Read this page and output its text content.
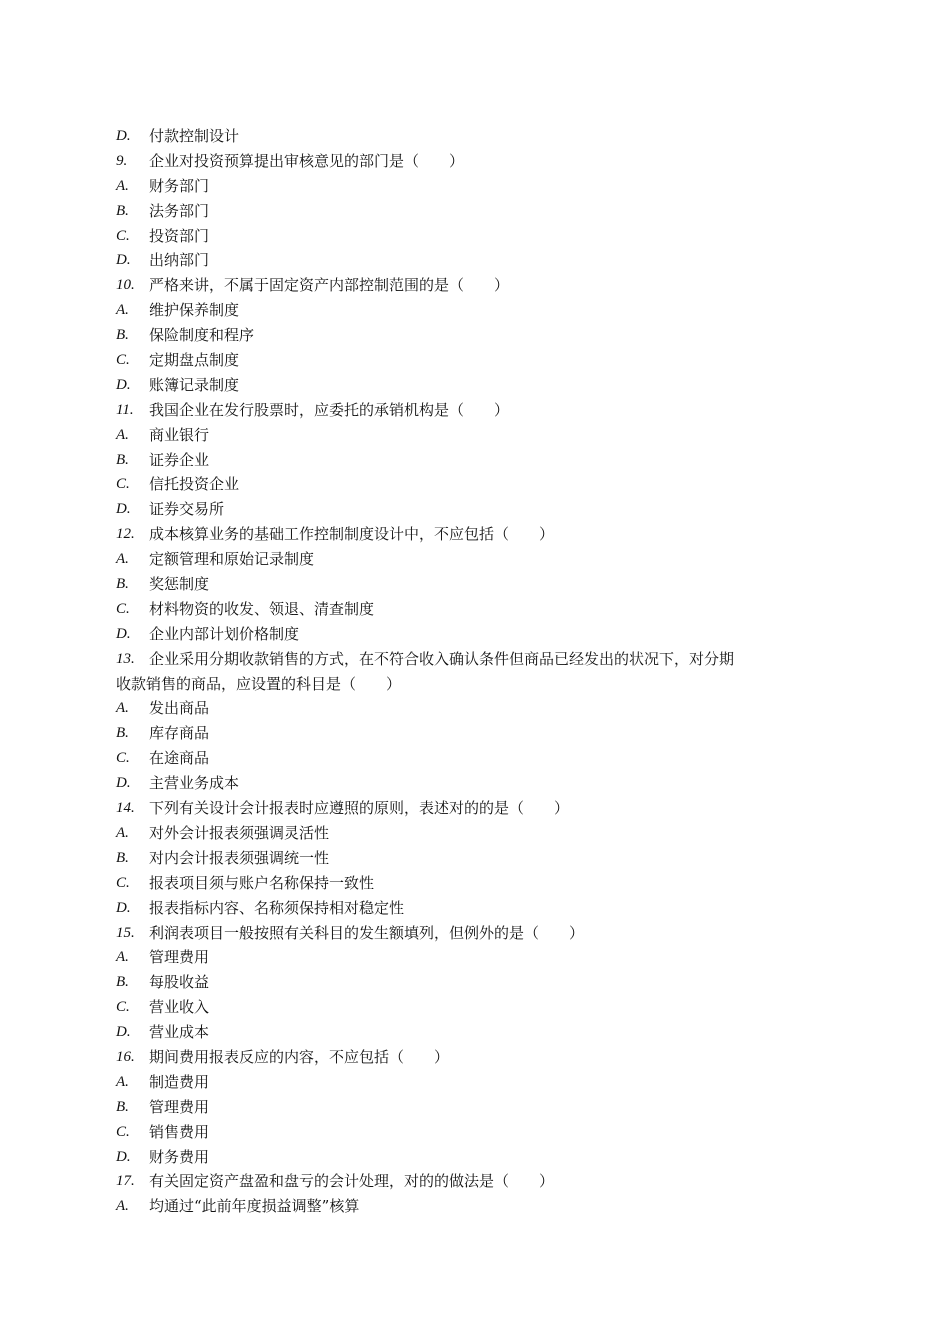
D.	付款控制设计
9.	企业对投资预算提出审核意见的部门是（　　）
A.	财务部门
B.	法务部门
C.	投资部门
D.	出纳部门
10. 严格来讲，不属于固定资产内部控制范围的是（　　）
A.	维护保养制度
B.	保险制度和程序
C.	定期盘点制度
D.	账簿记录制度
11.	我国企业在发行股票时，应委托的承销机构是（　　）
A.	商业银行
B.	证券企业
C.	信托投资企业
D.	证券交易所
12. 成本核算业务的基础工作控制制度设计中，不应包括（　　）
A.	定额管理和原始记录制度
B.	奖惩制度
C.	材料物资的收发、领退、清查制度
D.	企业内部计划价格制度
13. 企业采用分期收款销售的方式，在不符合收入确认条件但商品已经发出的状况下，对分期
收款销售的商品，应设置的科目是（　　）
A.	发出商品
B.	库存商品
C.	在途商品
D.	主营业务成本
14. 下列有关设计会计报表时应遵照的原则，表述对的的是（　　）
A.	对外会计报表须强调灵活性
B.	对内会计报表须强调统一性
C.	报表项目须与账户名称保持一致性
D.	报表指标内容、名称须保持相对稳定性
15. 利润表项目一般按照有关科目的发生额填列，但例外的是（　　）
A.	管理费用
B.	每股收益
C.	营业收入
D.	营业成本
16. 期间费用报表反应的内容，不应包括（　　）
A.	制造费用
B.	管理费用
C.	销售费用
D.	财务费用
17. 有关固定资产盘盈和盘亏的会计处理，对的的做法是（　　）
A.	均通过“此前年度损益调整”核算
